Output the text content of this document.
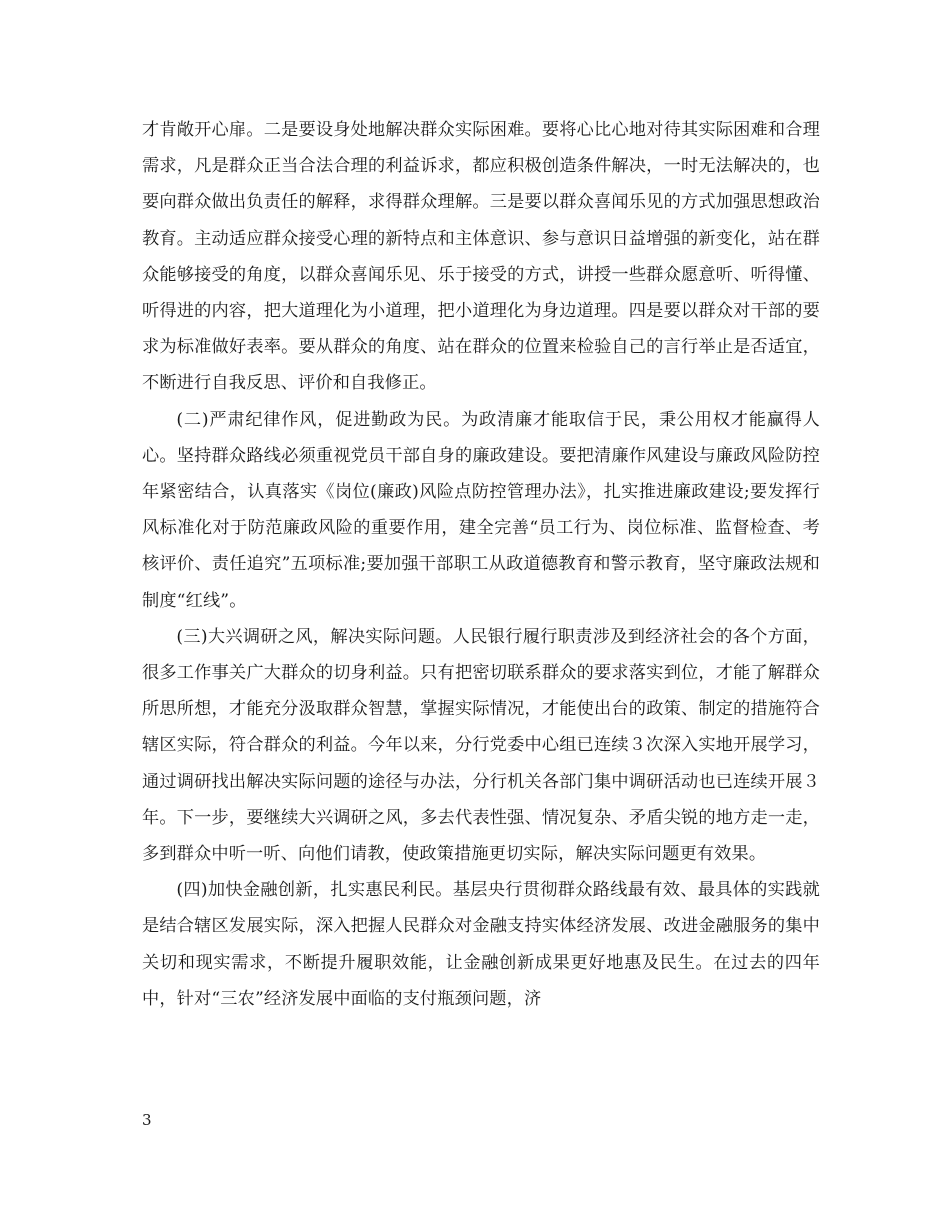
才肯敞开心扉。二是要设身处地解决群众实际困难。要将心比心地对待其实际困难和合理需求，凡是群众正当合法合理的利益诉求，都应积极创造条件解决，一时无法解决的，也要向群众做出负责任的解释，求得群众理解。三是要以群众喜闻乐见的方式加强思想政治教育。主动适应群众接受心理的新特点和主体意识、参与意识日益增强的新变化，站在群众能够接受的角度，以群众喜闻乐见、乐于接受的方式，讲授一些群众愿意听、听得懂、听得进的内容，把大道理化为小道理，把小道理化为身边道理。四是要以群众对干部的要求为标准做好表率。要从群众的角度、站在群众的位置来检验自己的言行举止是否适宜，不断进行自我反思、评价和自我修正。

(二)严肃纪律作风，促进勤政为民。为政清廉才能取信于民，秉公用权才能赢得人心。坚持群众路线必须重视党员干部自身的廉政建设。要把清廉作风建设与廉政风险防控年紧密结合，认真落实《岗位(廉政)风险点防控管理办法》，扎实推进廉政建设;要发挥行风标准化对于防范廉政风险的重要作用，建全完善“员工行为、岗位标准、监督检查、考核评价、责任追究”五项标准;要加强干部职工从政道德教育和警示教育，坚守廉政法规和制度“红线”。

(三)大兴调研之风，解决实际问题。人民银行履行职责涉及到经济社会的各个方面，很多工作事关广大群众的切身利益。只有把密切联系群众的要求落实到位，才能了解群众所思所想，才能充分汲取群众智慧，掌握实际情况，才能使出台的政策、制定的措施符合辖区实际，符合群众的利益。今年以来，分行党委中心组已连续３次深入实地开展学习，通过调研找出解决实际问题的途径与办法，分行机关各部门集中调研活动也已连续开展３年。下一步，要继续大兴调研之风，多去代表性强、情况复杂、矛盾尖锐的地方走一走，多到群众中听一听、向他们请教，使政策措施更切实际，解决实际问题更有效果。

(四)加快金融创新，扎实惠民利民。基层央行贯彻群众路线最有效、最具体的实践就是结合辖区发展实际，深入把握人民群众对金融支持实体经济发展、改进金融服务的集中关切和现实需求，不断提升履职效能，让金融创新成果更好地惠及民生。在过去的四年中，针对“三农”经济发展中面临的支付瓶颈问题，济

3
